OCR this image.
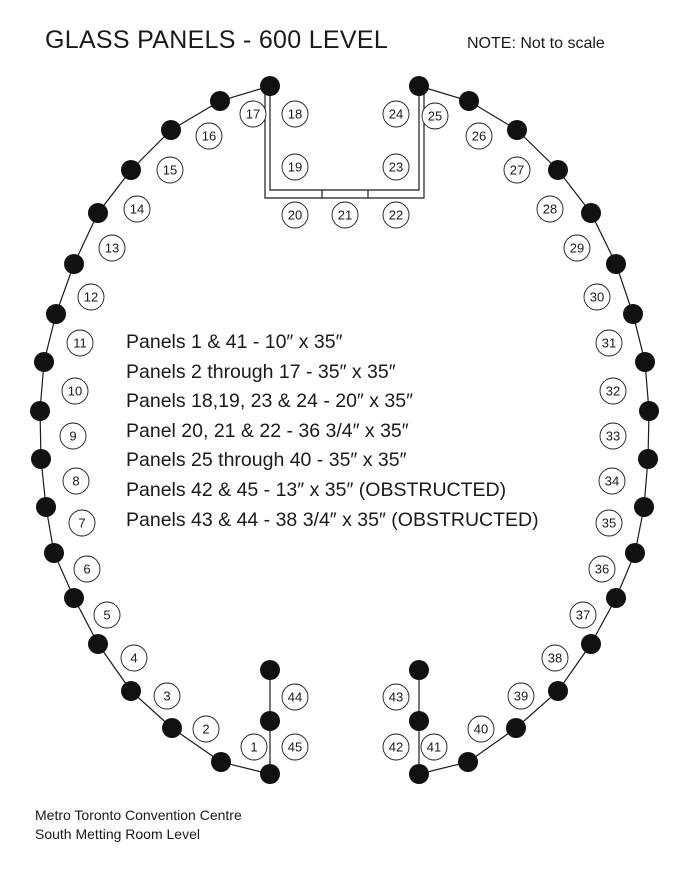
GLASS PANELS - 600 LEVEL	NOTE: Not to scale
1
2
3
4
5
6
7
8
9
10
11
12
13
14
15
16
17 18
19
20	21	22
23
24 25
26
27
28
29
30
31
32
33
34
35
36
37
38
39
40
41
42
43
44
45
Panels 1 & 41 - 10″ x 35″
Panels 2 through 17 - 35″ x 35″
Panels 18,19, 23 & 24 - 20″ x 35″
Panel 20, 21 & 22 - 36 3/4″ x 35″
Panels 25 through 40 - 35″ x 35″
Panels 42 & 45 - 13″ x 35″ (OBSTRUCTED)
Panels 43 & 44 - 38 3/4″ x 35″ (OBSTRUCTED)
Metro Toronto Convention Centre
South Metting Room Level
